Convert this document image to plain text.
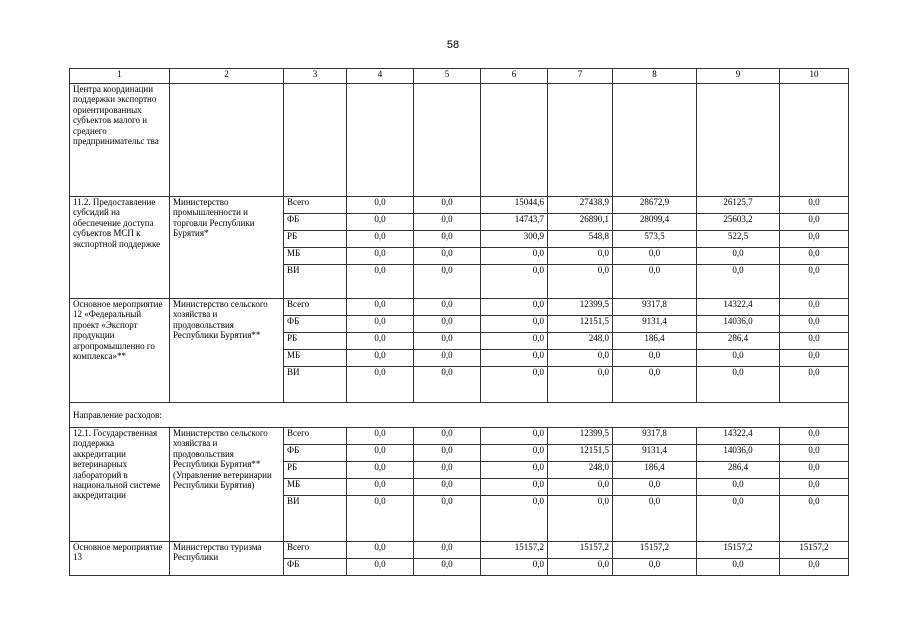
58
1	2	3	4	5	6	7	8	9	10
Центра координации поддержки экспортно ориентированных субъектов малого и среднего предпринимательс тва									
11.2. Предоставление субсидий на обеспечение доступа субъектов МСП к экспортной поддержке	Министерство промышленности и торговли Республики Бурятия*	Всего	0,0	0,0	15044,6	27438,9	28672,9	26125,7	0,0
		ФБ	0,0	0,0	14743,7	26890,1	28099,4	25603,2	0,0
		РБ	0,0	0,0	300,9	548,8	573,5	522,5	0,0
		МБ	0,0	0,0	0,0	0,0	0,0	0,0	0,0
		ВИ	0,0	0,0	0,0	0,0	0,0	0,0	0,0
Основное мероприятие 12 «Федеральный проект «Экспорт продукции агропромышленно го комплекса»**	Министерство сельского хозяйства и продовольствия Республики Бурятия**	Всего	0,0	0,0	0,0	12399,5	9317,8	14322,4	0,0
		ФБ	0,0	0,0	0,0	12151,5	9131,4	14036,0	0,0
		РБ	0,0	0,0	0,0	248,0	186,4	286,4	0,0
		МБ	0,0	0,0	0,0	0,0	0,0	0,0	0,0
		ВИ	0,0	0,0	0,0	0,0	0,0	0,0	0,0
Направление расходов:									
12.1. Государственная поддержка аккредитации ветеринарных лабораторий в национальной системе аккредитации	Министерство сельского хозяйства и продовольствия Республики Бурятия** (Управление ветеринарии Республики Бурятия)	Всего	0,0	0,0	0,0	12399,5	9317,8	14322,4	0,0
		ФБ	0,0	0,0	0,0	12151,5	9131,4	14036,0	0,0
		РБ	0,0	0,0	0,0	248,0	186,4	286,4	0,0
		МБ	0,0	0,0	0,0	0,0	0,0	0,0	0,0
		ВИ	0,0	0,0	0,0	0,0	0,0	0,0	0,0
Основное мероприятие 13	Министерство туризма Республики	Всего	0,0	0,0	15157,2	15157,2	15157,2	15157,2	15157,2
		ФБ	0,0	0,0	0,0	0,0	0,0	0,0	0,0
